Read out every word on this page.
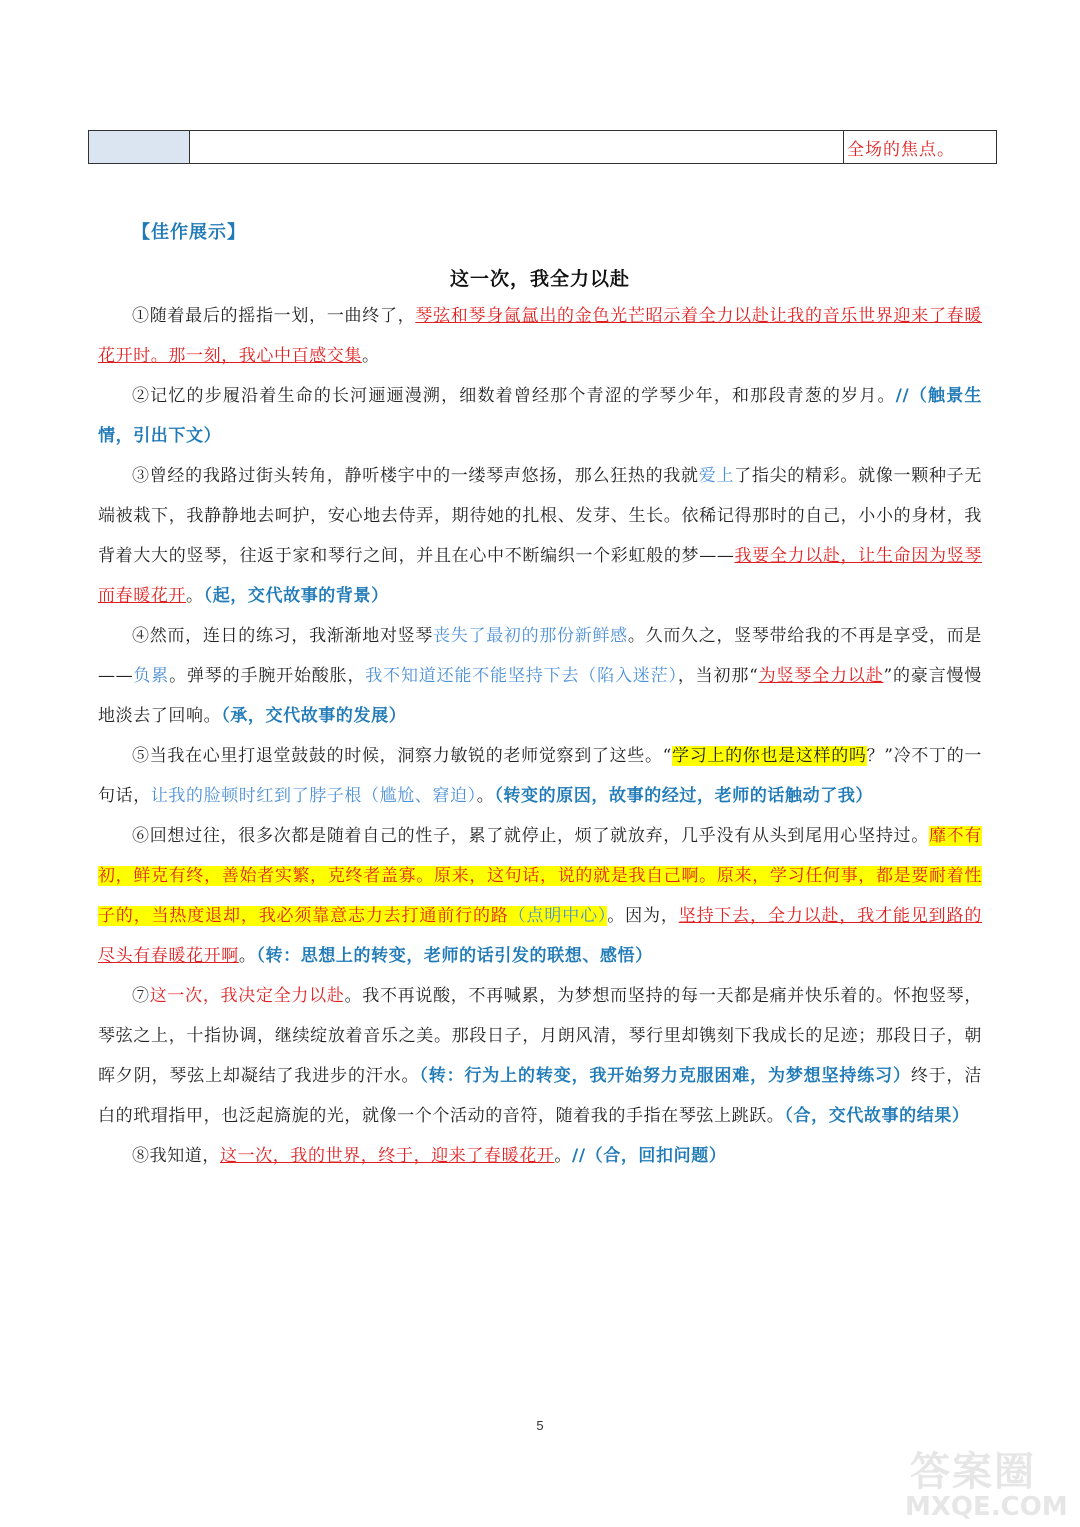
		全场的焦点。
【佳作展示】
这一次，我全力以赴

①随着最后的摇指一划，一曲终了，琴弦和琴身氤氲出的金色光芒昭示着全力以赴让我的音乐世界迎来了春暖花开时。那一刻，我心中百感交集。

②记忆的步履沿着生命的长河逦逦漫溯，细数着曾经那个青涩的学琴少年，和那段青葱的岁月。//（触景生情，引出下文）

③曾经的我路过街头转角，静听楼宇中的一缕琴声悠扬，那么狂热的我就爱上了指尖的精彩。就像一颗种子无端被栽下，我静静地去呵护，安心地去侍弄，期待她的扎根、发芽、生长。依稀记得那时的自己，小小的身材，我背着大大的竖琴，往返于家和琴行之间，并且在心中不断编织一个彩虹般的梦——我要全力以赴，让生命因为竖琴而春暖花开。（起，交代故事的背景）

④然而，连日的练习，我渐渐地对竖琴丧失了最初的那份新鲜感。久而久之，竖琴带给我的不再是享受，而是——负累。弹琴的手腕开始酸胀，我不知道还能不能坚持下去（陷入迷茫），当初那“为竖琴全力以赴”的豪言慢慢地淡去了回响。（承，交代故事的发展）

⑤当我在心里打退堂鼓鼓的时候，洞察力敏锐的老师觉察到了这些。“学习上的你也是这样的吗？”冷不丁的一句话，让我的脸顿时红到了脖子根（尴尬、窘迫）。（转变的原因，故事的经过，老师的话触动了我）

⑥回想过往，很多次都是随着自己的性子，累了就停止，烦了就放弃，几乎没有从头到尾用心坚持过。靡不有初，鲜克有终，善始者实繁，克终者盖寡。原来，这句话，说的就是我自己啊。原来，学习任何事，都是要耐着性子的，当热度退却，我必须靠意志力去打通前行的路（点明中心）。因为，坚持下去，全力以赴，我才能见到路的尽头有春暖花开啊。（转：思想上的转变，老师的话引发的联想、感悟）

⑦这一次，我决定全力以赴。我不再说酸，不再喊累，为梦想而坚持的每一天都是痛并快乐着的。怀抱竖琴，琴弦之上，十指协调，继续绽放着音乐之美。那段日子，月朗风清，琴行里却镌刻下我成长的足迹；那段日子，朝晖夕阴，琴弦上却凝结了我进步的汗水。（转：行为上的转变，我开始努力克服困难，为梦想坚持练习）终于，洁白的玳瑁指甲，也泛起旖旎的光，就像一个个活动的音符，随着我的手指在琴弦上跳跃。（合，交代故事的结果）

⑧我知道，这一次，我的世界，终于，迎来了春暖花开。//（合，回扣问题）

5
答案圈
MXQE.COM
